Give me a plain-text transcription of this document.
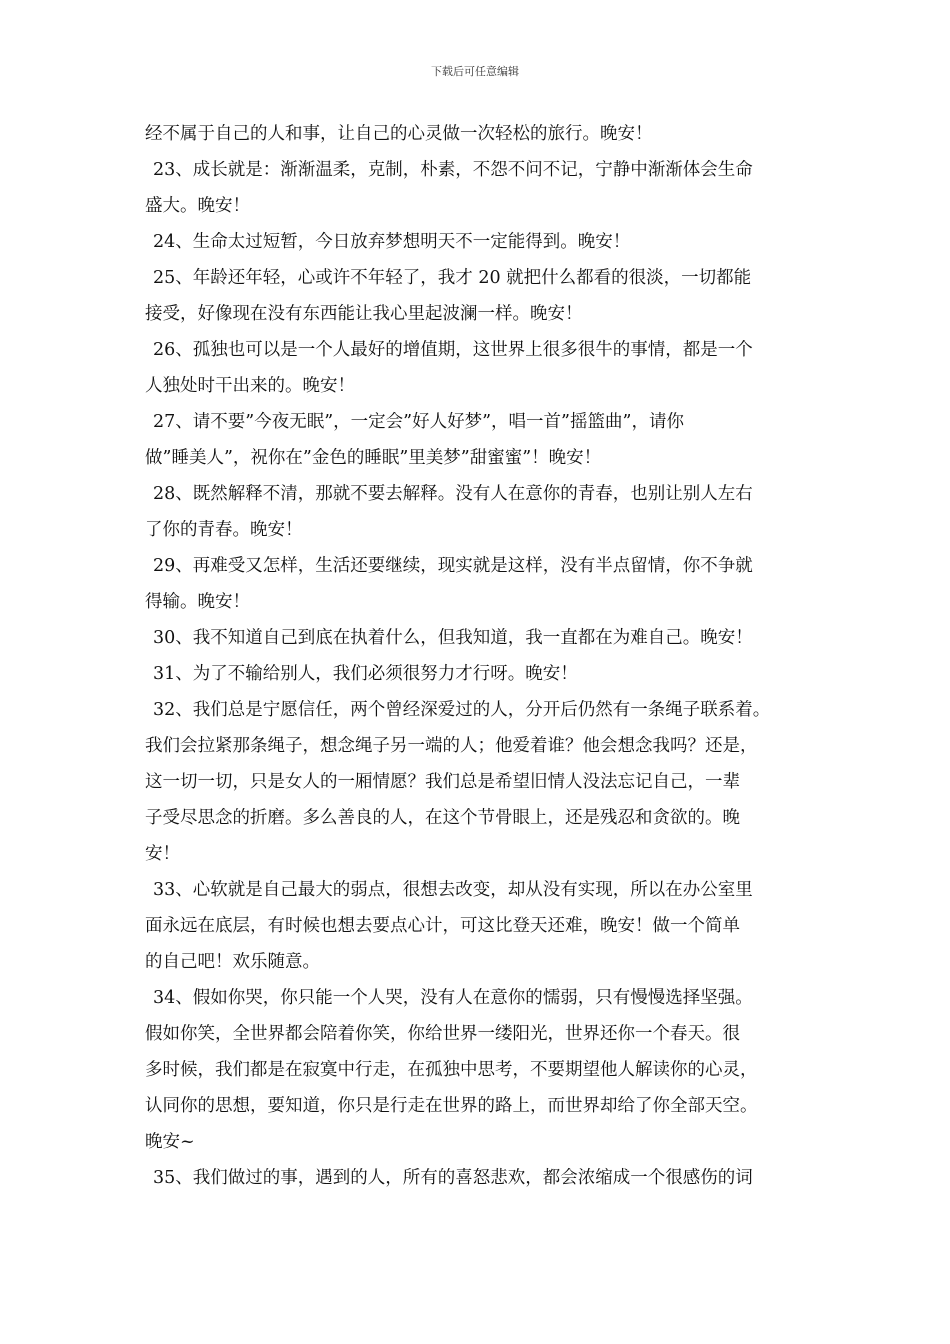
下载后可任意编辑
经不属于自己的人和事，让自己的心灵做一次轻松的旅行。晚安！
23、成长就是：渐渐温柔，克制，朴素，不怨不问不记，宁静中渐渐体会生命
盛大。晚安！
24、生命太过短暂，今日放弃梦想明天不一定能得到。晚安！
25、年龄还年轻，心或许不年轻了，我才 20 就把什么都看的很淡，一切都能
接受，好像现在没有东西能让我心里起波澜一样。晚安！
26、孤独也可以是一个人最好的增值期，这世界上很多很牛的事情，都是一个
人独处时干出来的。晚安！
27、请不要”今夜无眠”，一定会”好人好梦”，唱一首”摇篮曲”，请你
做”睡美人”，祝你在”金色的睡眠”里美梦”甜蜜蜜”！晚安！
28、既然解释不清，那就不要去解释。没有人在意你的青春，也别让别人左右
了你的青春。晚安！
29、再难受又怎样，生活还要继续，现实就是这样，没有半点留情，你不争就
得输。晚安！
30、我不知道自己到底在执着什么，但我知道，我一直都在为难自己。晚安！
31、为了不输给别人，我们必须很努力才行呀。晚安！
32、我们总是宁愿信任，两个曾经深爱过的人，分开后仍然有一条绳子联系着。
我们会拉紧那条绳子，想念绳子另一端的人；他爱着谁？他会想念我吗？还是，
这一切一切，只是女人的一厢情愿？我们总是希望旧情人没法忘记自己，一辈
子受尽思念的折磨。多么善良的人，在这个节骨眼上，还是残忍和贪欲的。晚
安！
33、心软就是自己最大的弱点，很想去改变，却从没有实现，所以在办公室里
面永远在底层，有时候也想去要点心计，可这比登天还难，晚安！做一个简单
的自己吧！欢乐随意。
34、假如你哭，你只能一个人哭，没有人在意你的懦弱，只有慢慢选择坚强。
假如你笑，全世界都会陪着你笑，你给世界一缕阳光，世界还你一个春天。很
多时候，我们都是在寂寞中行走，在孤独中思考，不要期望他人解读你的心灵，
认同你的思想，要知道，你只是行走在世界的路上，而世界却给了你全部天空。
晚安~
35、我们做过的事，遇到的人，所有的喜怒悲欢，都会浓缩成一个很感伤的词
